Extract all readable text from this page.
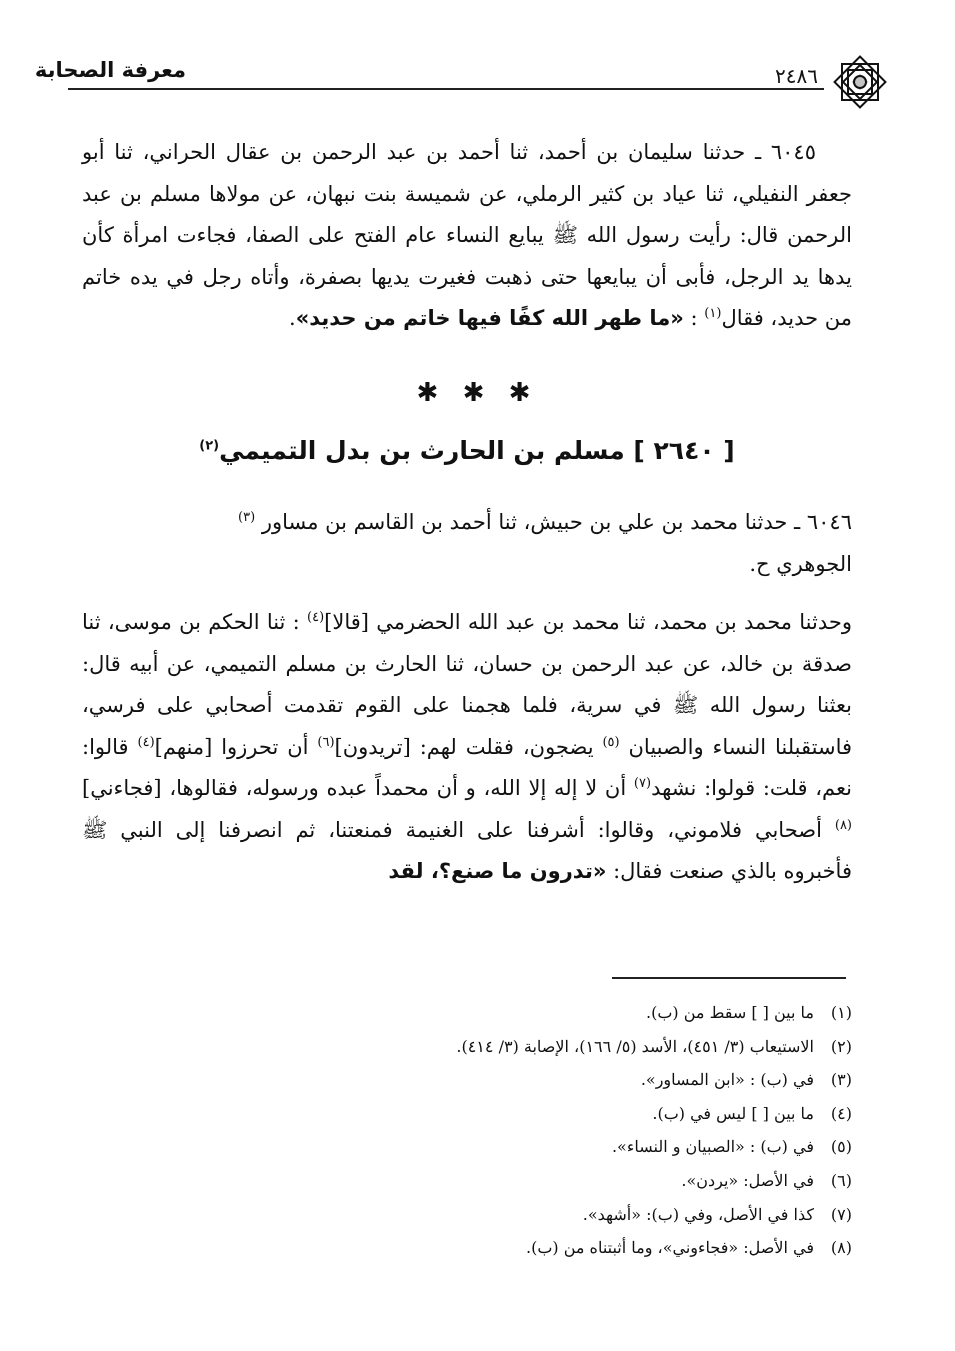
معرفة الصحابة	٢٤٨٦
٦٠٤٥ ـ حدثنا سليمان بن أحمد، ثنا أحمد بن عبد الرحمن بن عقال الحراني، ثنا أبو جعفر النفيلي، ثنا عياد بن كثير الرملي، عن شميسة بنت نبهان، عن مولاها مسلم بن عبد الرحمن قال: رأيت رسول الله ﷺ يبايع النساء عام الفتح على الصفا، فجاءت امرأة كأن يدها يد الرجل، فأبى أن يبايعها حتى ذهبت فغيرت يديها بصفرة، وأتاه رجل في يده خاتم من حديد، فقال$^{(١)}$ : «ما طهر الله كفًا فيها خاتم من حديد».
✱ ✱ ✱
[ ٢٦٤٠ ] مسلم بن الحارث بن بدل التميمي$^{(٢)}$
٦٠٤٦ ـ حدثنا محمد بن علي بن حبيش، ثنا أحمد بن القاسم بن مساور $^{(٣)}$
الجوهري ح.
وحدثنا محمد بن محمد، ثنا محمد بن عبد الله الحضرمي [قالا]$^{(٤)}$ : ثنا الحكم بن موسى، ثنا صدقة بن خالد، عن عبد الرحمن بن حسان، ثنا الحارث بن مسلم التميمي، عن أبيه قال: بعثنا رسول الله ﷺ في سرية، فلما هجمنا على القوم تقدمت أصحابي على فرسي، فاستقبلنا النساء والصبيان $^{(٥)}$ يضجون، فقلت لهم: [تريدون]$^{(٦)}$ أن تحرزوا [منهم]$^{(٤)}$ قالوا: نعم، قلت: قولوا: نشهد$^{(٧)}$ أن لا إله إلا الله، و أن محمداً عبده ورسوله، فقالوها، [فجاءني]$^{(٨)}$ أصحابي فلاموني، وقالوا: أشرفنا على الغنيمة فمنعتنا، ثم انصرفنا إلى النبي ﷺ فأخبروه بالذي صنعت فقال: «تدرون ما صنع؟، لقد
(١)ما بين [ ] سقط من (ب).
(٢)الاستيعاب (٣/ ٤٥١)، الأسد (٥/ ١٦٦)، الإصابة (٣/ ٤١٤).
(٣)في (ب) : «ابن المساور».
(٤)ما بين [ ] ليس في (ب).
(٥)في (ب) : «الصبيان و النساء».
(٦)في الأصل: «يردن».
(٧)كذا في الأصل، وفي (ب): «أشهد».
(٨)في الأصل: «فجاءوني»، وما أثبتناه من (ب).
